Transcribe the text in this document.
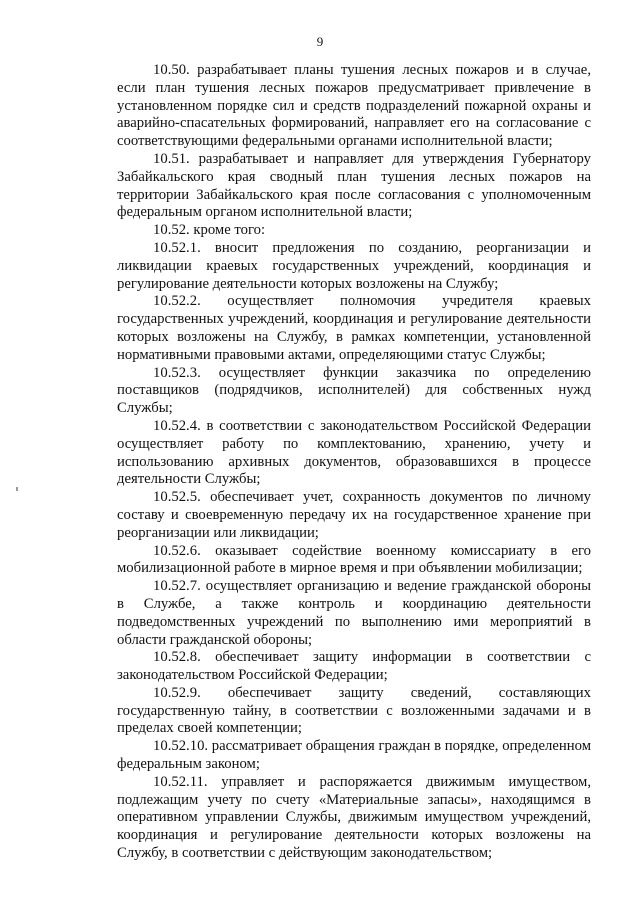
9

10.50. разрабатывает планы тушения лесных пожаров и в случае, если план тушения лесных пожаров предусматривает привлечение в установленном порядке сил и средств подразделений пожарной охраны и аварийно-спасательных формирований, направляет его на согласование с соответствующими федеральными органами исполнительной власти;

10.51. разрабатывает и направляет для утверждения Губернатору Забайкальского края сводный план тушения лесных пожаров на территории Забайкальского края после согласования с уполномоченным федеральным органом исполнительной власти;

10.52. кроме того:

10.52.1. вносит предложения по созданию, реорганизации и ликвидации краевых государственных учреждений, координация и регулирование деятельности которых возложены на Службу;

10.52.2. осуществляет полномочия учредителя краевых государственных учреждений, координация и регулирование деятельности которых возложены на Службу, в рамках компетенции, установленной нормативными правовыми актами, определяющими статус Службы;

10.52.3. осуществляет функции заказчика по определению поставщиков (подрядчиков, исполнителей) для собственных нужд Службы;

10.52.4. в соответствии с законодательством Российской Федерации осуществляет работу по комплектованию, хранению, учету и использованию архивных документов, образовавшихся в процессе деятельности Службы;

10.52.5. обеспечивает учет, сохранность документов по личному составу и своевременную передачу их на государственное хранение при реорганизации или ликвидации;

10.52.6. оказывает содействие военному комиссариату в его мобилизационной работе в мирное время и при объявлении мобилизации;

10.52.7. осуществляет организацию и ведение гражданской обороны в Службе, а также контроль и координацию деятельности подведомственных учреждений по выполнению ими мероприятий в области гражданской обороны;

10.52.8. обеспечивает защиту информации в соответствии с законодательством Российской Федерации;

10.52.9. обеспечивает защиту сведений, составляющих государственную тайну, в соответствии с возложенными задачами и в пределах своей компетенции;

10.52.10. рассматривает обращения граждан в порядке, определенном федеральным законом;

10.52.11. управляет и распоряжается движимым имуществом, подлежащим учету по счету «Материальные запасы», находящимся в оперативном управлении Службы, движимым имуществом учреждений, координация и регулирование деятельности которых возложены на Службу, в соответствии с действующим законодательством;
